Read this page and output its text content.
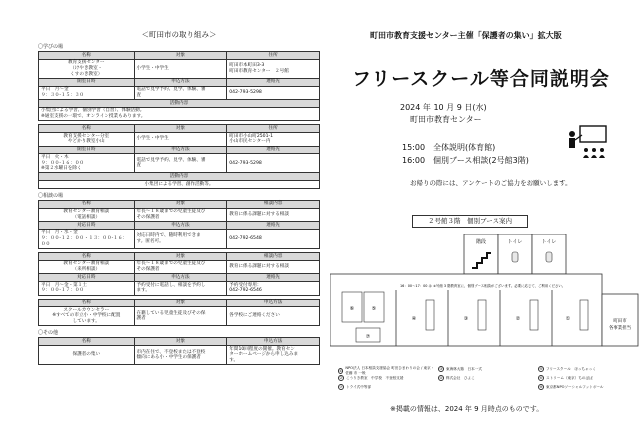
＜町田市の取り組み＞
〇学びの場
名称	対象	住所
教育支援センター
（けやき教室・
くすのき教室）	小学生・中学生	町田市本町田3-3
町田市教育センター　２号館
開室日時	申込方法	連絡先
平日　月～金
９：３０-１５：３０	電話で見学予約、見学、体験、審
査	042-793-5298
活動内容		
小集団による学習、個別学習（自習）、体験活動。
※通室支援の一環で、オンライン授業もあります。		
名称	対象	住所
教育支援センター分室
やどかり教室小山	小学生・中学生	町田市小山町2501-1
小山市民センター内
開室日時	申込方法	連絡先
平日　火・木
９：００-１６：００
※第２水曜日を除く	電話で見学予約、見学、体験、審
査	042-793-5298
活動内容		
小集団による学習、創作活動等。		
〇相談の場
名称	対象	相談内容
教育センター教育相談
（電話相談）	年長～１８歳までの児童生徒及び
その保護者	教育に係る課題に対する相談
対応日時	申込方法	連絡先
平日　月・水・金
９：００-１２：００・１３：００-１６：００	対応日時内で、随時利用できま
す。匿名可。	042-792-6548
名称	対象	相談内容
教育センター教育相談
（来所相談）	年長～１８歳までの児童生徒及び
その保護者	教育に係る課題に対する相談
対応日時	申込方法	連絡先
平日　月～金・第１土
９：００-１７：００	予約受付に電話し、相談を予約し
ます。	予約受付専用：
042-792-6546
名称	対象	申込方法
スクールカウンセラー
※すべての市立小・中学校に配置
しています。	在籍している児童生徒及びその保
護者	各学校にご連絡ください
〇その他
名称	対象	申込方法
保護者の集い	市内在住で、不登校または不登校
傾向にある小・中学生の保護者	年間10回程度の開催。教育セン
ターホームページから申し込みま
す。
町田市教育支援センター主催「保護者の集い」拡大版
フリースクール等合同説明会
2024 年 10 月 9 日(水)
町田市教育センター
15:00　全体説明(体育館)
16:00　個別ブース相談(2号館3階)
お帰りの際には、アンケートのご協力をお願いします。
２号館３階　個別ブース案内
階段	トイレ	トイレ
16：00～17：00 は ②号館 3 階教育室に、個別ブース相談がございます。必要に応じて、ご利用ください。
⑥	⑤
⑦
④	③	②	①	町田市
各事業担当
①
NPO法人 日本相談支援協会 町田ひまわりの会 / 東京・佐藤 市 一般
② こうりき教室　中学校　不登校支援
⑦ トライ式中等部
③ 東海林大塾　日本一式
④ 株式会社　ひよこ
⑤ フリースクール　ほっちゃっく
⑥ ストリーム（東京）ちのばば
⑧ 東京都NPOソーシャルフットボール
※掲載の情報は、2024 年 9 月時点のものです。
